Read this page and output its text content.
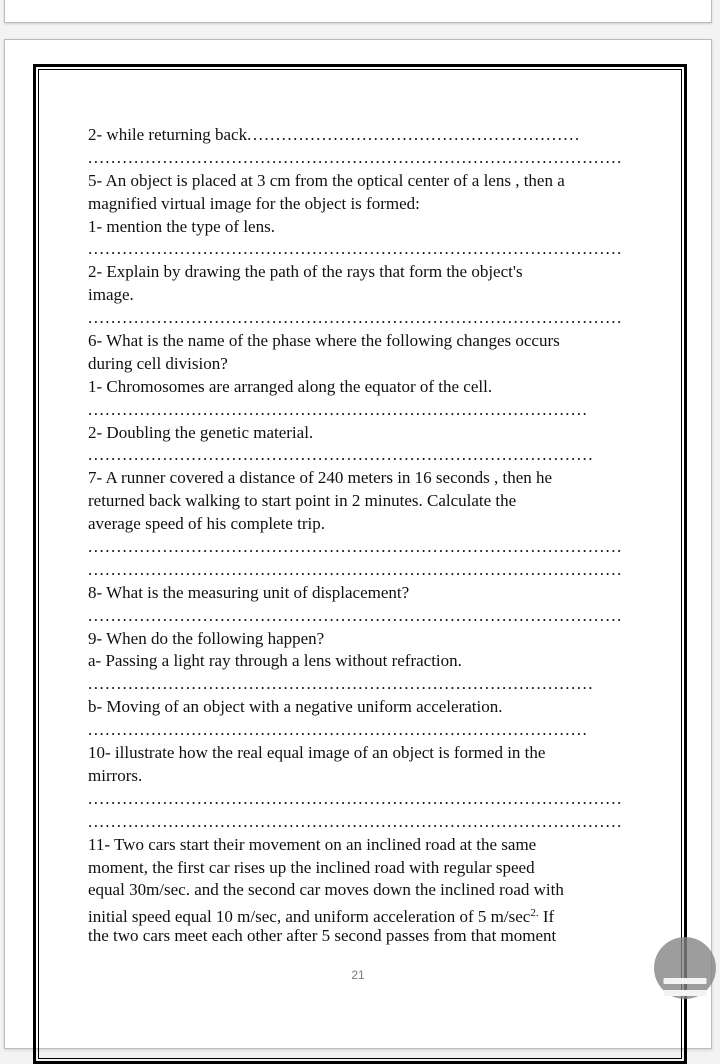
2- while returning back..........................................................
.............................................................................................
5- An object is placed at 3 cm from the optical center of a lens , then a
magnified virtual image for the object is formed:
1- mention the type of lens.
.............................................................................................
2- Explain by drawing the path of the rays that form the object's
image.
.............................................................................................
6- What is the name of the phase where the following changes occurs
during cell division?
1- Chromosomes are arranged along the equator of the cell.
.......................................................................................
2- Doubling the genetic material.
........................................................................................
7- A runner covered a distance of 240 meters in 16 seconds , then he
returned back walking to start point in 2 minutes. Calculate the
average speed of his complete trip.
.............................................................................................
.............................................................................................
8- What is the measuring unit of displacement?
.............................................................................................
9- When do the following happen?
a- Passing a light ray through a lens without refraction.
........................................................................................
b- Moving of an object with a negative uniform acceleration.
.......................................................................................
10- illustrate how the real equal image of an object is formed in the
mirrors.
.............................................................................................
.............................................................................................
11- Two cars start their movement on an inclined road at the same
moment, the first car rises up the inclined road with regular speed
equal 30m/sec. and the second car moves down the inclined road with
initial speed equal 10 m/sec, and uniform acceleration of 5 $m/\sec^{2.}$ If
the two cars meet each other after 5 second passes from that moment
21
